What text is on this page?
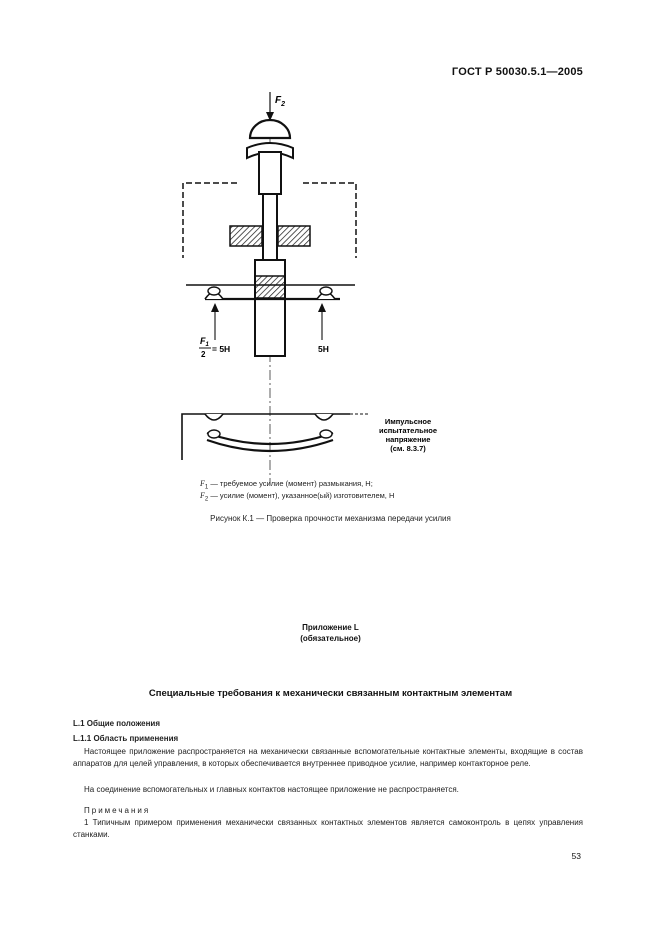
ГОСТ Р 50030.5.1—2005
$F_2$
$F_1$
2
= 5Н	5Н
Импульсное
испытательное
напряжение
(см. 8.3.7)
$F_1$ — требуемое усилие (момент) размыкания, Н;
$F_2$ — усилие (момент), указанное(ый) изготовителем, Н
Рисунок К.1 — Проверка прочности механизма передачи усилия
Приложение L
(обязательное)
Специальные требования к механически связанным контактным элементам
L.1 Общие положения
L.1.1 Область применения
Настоящее приложение распространяется на механически связанные вспомогательные контактные элементы, входящие в состав аппаратов для целей управления, в которых обеспечивается внутреннее приводное усилие, например контакторное реле.
На соединение вспомогательных и главных контактов настоящее приложение не распространяется.
Примечания
1 Типичным примером применения механически связанных контактных элементов является самоконтроль в цепях управления станками.
53
